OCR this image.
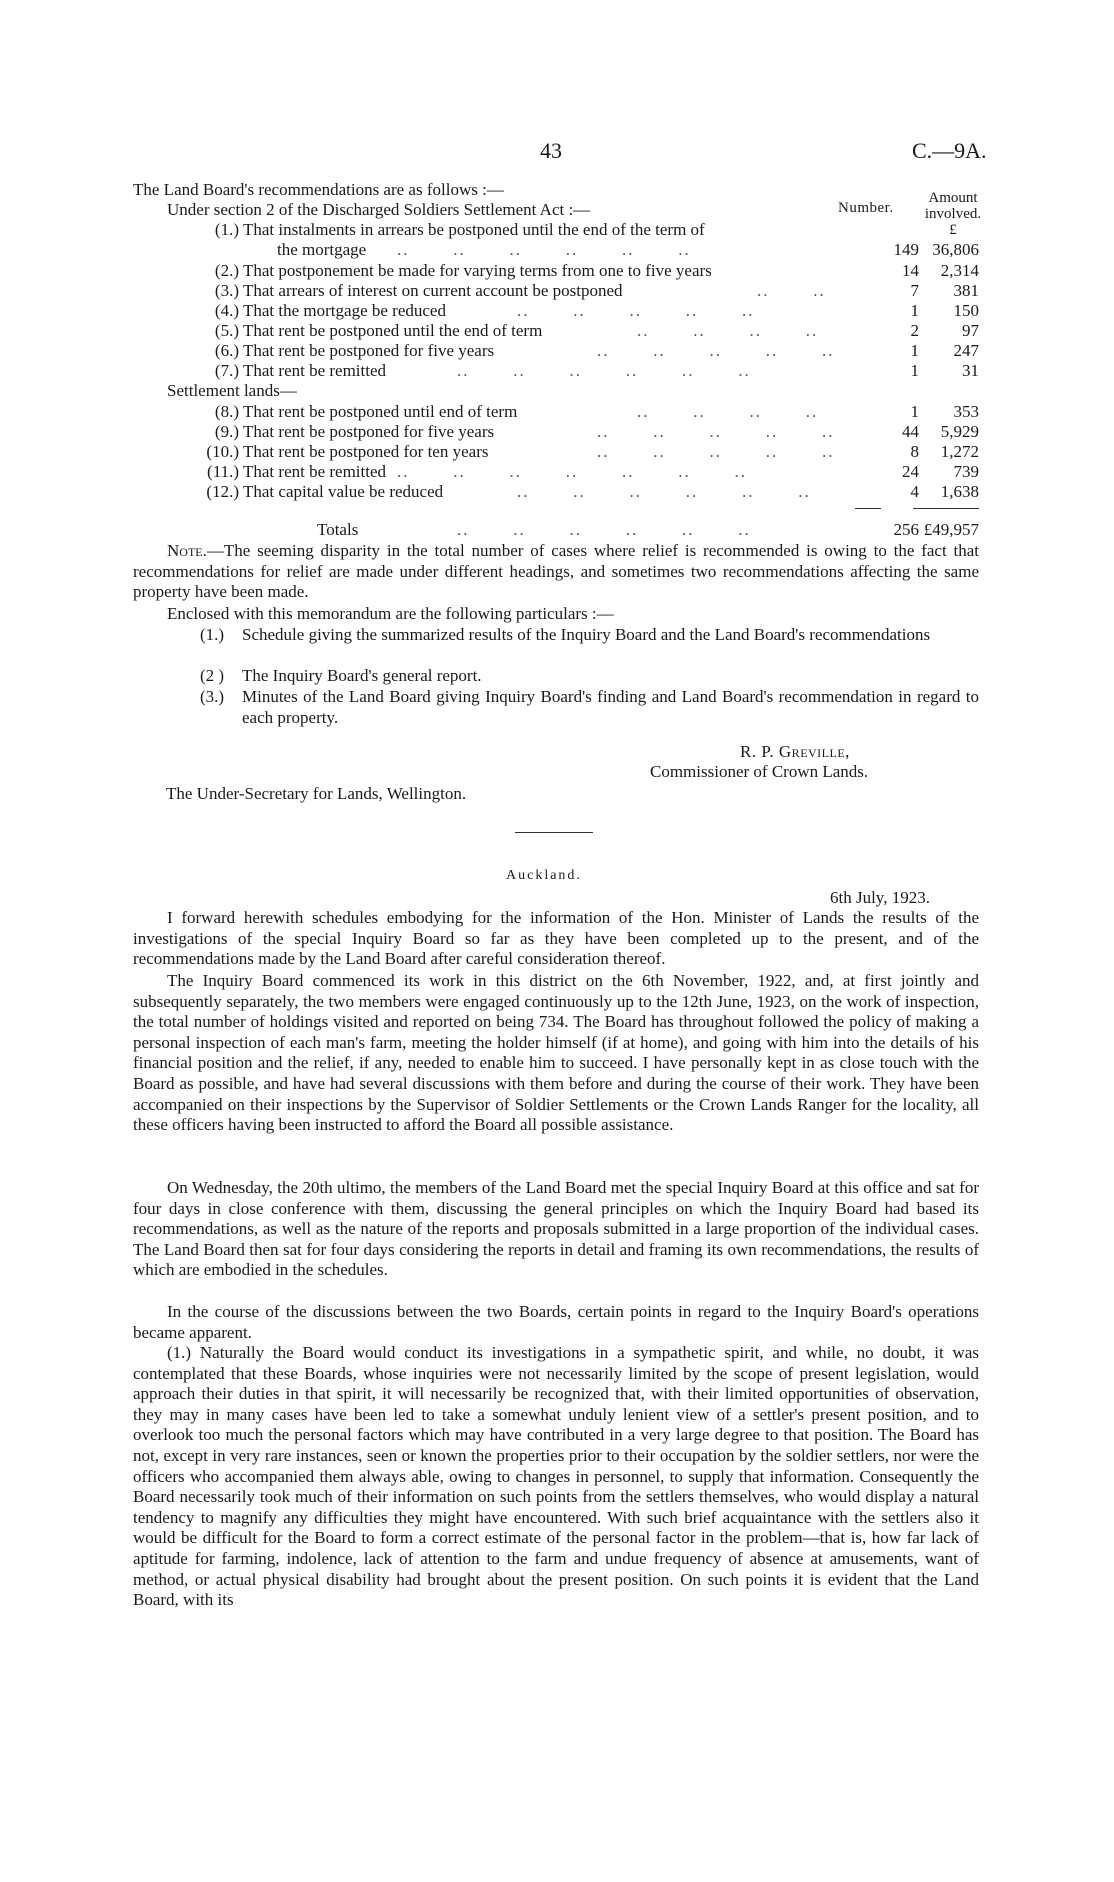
43	C.—9A.
The Land Board's recommendations are as follows :—
Under section 2 of the Discharged Soldiers Settlement Act :—	Number.
Amount
involved.
£
(1.) That instalments in arrears be postponed until the end of the term of
the mortgage ..       ..       ..       ..       ..       ..	149 36,806
(2.) That postponement be made for varying terms from one to five years	14	2,314
(3.) That arrears of interest on current account be postponed	..       ..	7	381
(4.) That the mortgage be reduced	..       ..       ..       ..       ..	1	150
(5.) That rent be postponed until the end of term	..       ..       ..       ..	2	97
(6.) That rent be postponed for five years	..       ..       ..       ..       ..	1	247
(7.) That rent be remitted	..       ..       ..       ..       ..       ..	1	31
Settlement lands—
(8.) That rent be postponed until end of term	..       ..       ..       ..	1	353
(9.) That rent be postponed for five years	..       ..       ..       ..       ..	44	5,929
(10.) That rent be postponed for ten years	..       ..       ..       ..       ..	8	1,272
(11.) That rent be remitted ..       ..       ..       ..       ..       ..       ..	24	739
(12.) That capital value be reduced	..       ..       ..       ..       ..       ..	4	1,638
Totals	..       ..       ..       ..       ..       ..	256 £49,957
Note.—The seeming disparity in the total number of cases where relief is recommended is owing to the fact that recommendations for relief are made under different headings, and sometimes two recommendations affecting the same property have been made.
Enclosed with this memorandum are the following particulars :—
(1.) Schedule giving the summarized results of the Inquiry Board and the Land Board's recommendations
(2 ) The Inquiry Board's general report.
(3.) Minutes of the Land Board giving Inquiry Board's finding and Land Board's recommendation in regard to each property.
R. P. Greville,
Commissioner of Crown Lands.
The Under-Secretary for Lands, Wellington.
Auckland.
6th July, 1923.
I forward herewith schedules embodying for the information of the Hon. Minister of Lands the results of the investigations of the special Inquiry Board so far as they have been completed up to the present, and of the recommendations made by the Land Board after careful consideration thereof.
The Inquiry Board commenced its work in this district on the 6th November, 1922, and, at first jointly and subsequently separately, the two members were engaged continuously up to the 12th June, 1923, on the work of inspection, the total number of holdings visited and reported on being 734. The Board has throughout followed the policy of making a personal inspection of each man's farm, meeting the holder himself (if at home), and going with him into the details of his financial position and the relief, if any, needed to enable him to succeed. I have personally kept in as close touch with the Board as possible, and have had several discussions with them before and during the course of their work. They have been accompanied on their inspections by the Supervisor of Soldier Settlements or the Crown Lands Ranger for the locality, all these officers having been instructed to afford the Board all possible assistance.
On Wednesday, the 20th ultimo, the members of the Land Board met the special Inquiry Board at this office and sat for four days in close conference with them, discussing the general principles on which the Inquiry Board had based its recommendations, as well as the nature of the reports and proposals submitted in a large proportion of the individual cases. The Land Board then sat for four days considering the reports in detail and framing its own recommendations, the results of which are embodied in the schedules.
In the course of the discussions between the two Boards, certain points in regard to the Inquiry Board's operations became apparent.
(1.) Naturally the Board would conduct its investigations in a sympathetic spirit, and while, no doubt, it was contemplated that these Boards, whose inquiries were not necessarily limited by the scope of present legislation, would approach their duties in that spirit, it will necessarily be recognized that, with their limited opportunities of observation, they may in many cases have been led to take a somewhat unduly lenient view of a settler's present position, and to overlook too much the personal factors which may have contributed in a very large degree to that position. The Board has not, except in very rare instances, seen or known the properties prior to their occupation by the soldier settlers, nor were the officers who accompanied them always able, owing to changes in personnel, to supply that information. Consequently the Board necessarily took much of their information on such points from the settlers themselves, who would display a natural tendency to magnify any difficulties they might have encountered. With such brief acquaintance with the settlers also it would be difficult for the Board to form a correct estimate of the personal factor in the problem—that is, how far lack of aptitude for farming, indolence, lack of attention to the farm and undue frequency of absence at amusements, want of method, or actual physical disability had brought about the present position. On such points it is evident that the Land Board, with its
